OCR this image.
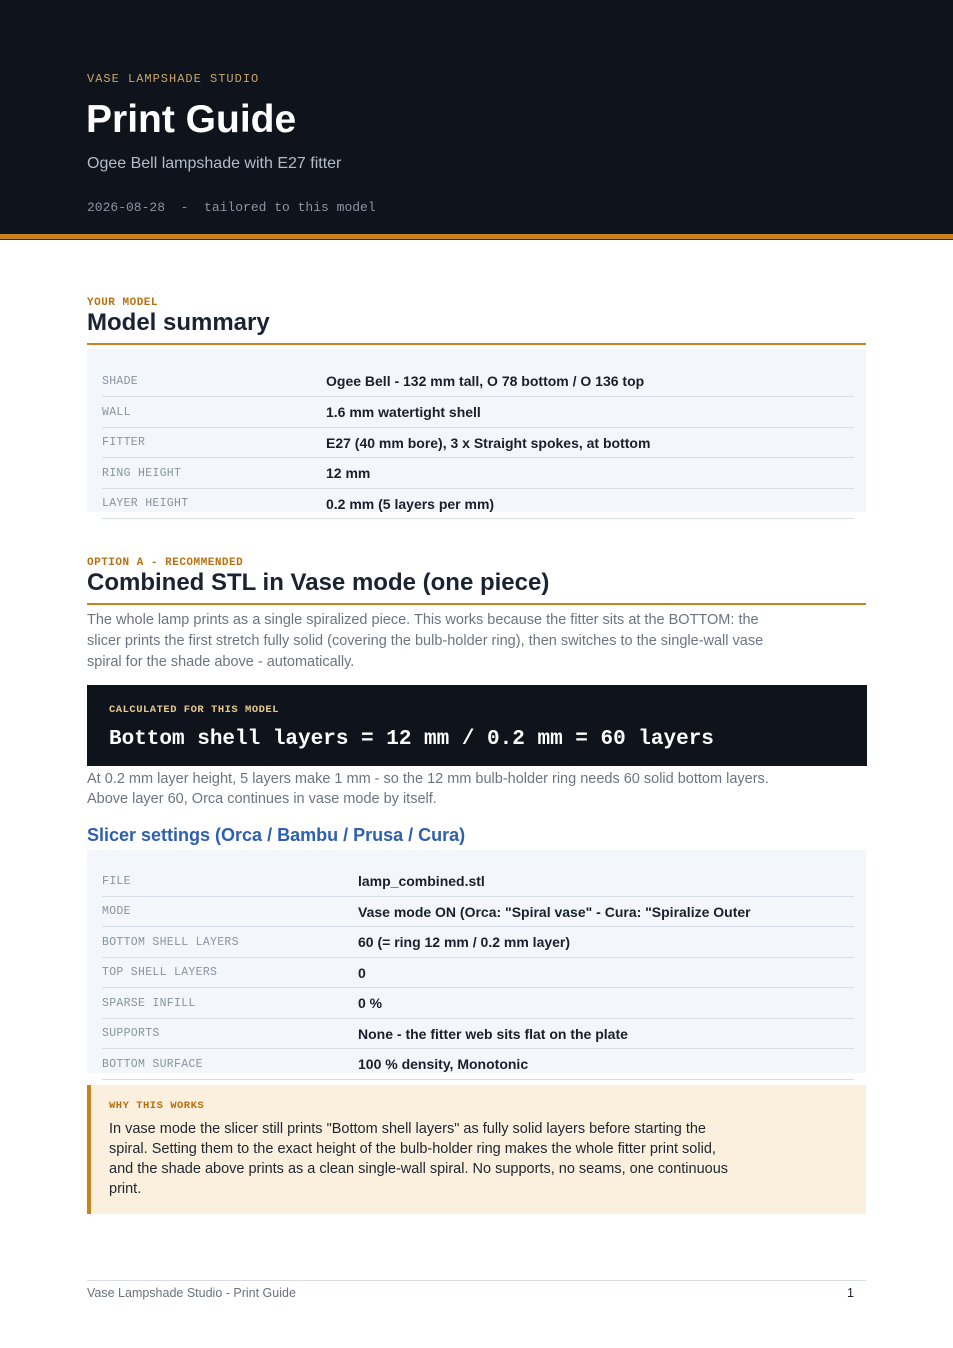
VASE LAMPSHADE STUDIO
Print Guide
Ogee Bell lampshade with E27 fitter
2026-08-28  -  tailored to this model
YOUR MODEL
Model summary
SHADE	Ogee Bell - 132 mm tall, O 78 bottom / O 136 top
WALL	1.6 mm watertight shell
FITTER	E27 (40 mm bore), 3 x Straight spokes, at bottom
RING HEIGHT	12 mm
LAYER HEIGHT	0.2 mm (5 layers per mm)
OPTION A - RECOMMENDED
Combined STL in Vase mode (one piece)
The whole lamp prints as a single spiralized piece. This works because the fitter sits at the BOTTOM: the slicer prints the first stretch fully solid (covering the bulb-holder ring), then switches to the single-wall vase spiral for the shade above - automatically.
CALCULATED FOR THIS MODEL
Bottom shell layers = 12 mm / 0.2 mm = 60 layers
At 0.2 mm layer height, 5 layers make 1 mm - so the 12 mm bulb-holder ring needs 60 solid bottom layers. Above layer 60, Orca continues in vase mode by itself.
Slicer settings (Orca / Bambu / Prusa / Cura)
FILE	lamp_combined.stl
MODE	Vase mode ON (Orca: "Spiral vase" - Cura: "Spiralize Outer
BOTTOM SHELL LAYERS	60 (= ring 12 mm / 0.2 mm layer)
TOP SHELL LAYERS	0
SPARSE INFILL	0 %
SUPPORTS	None - the fitter web sits flat on the plate
BOTTOM SURFACE	100 % density, Monotonic
WHY THIS WORKS
In vase mode the slicer still prints "Bottom shell layers" as fully solid layers before starting the spiral. Setting them to the exact height of the bulb-holder ring makes the whole fitter print solid, and the shade above prints as a clean single-wall spiral. No supports, no seams, one continuous print.
Vase Lampshade Studio - Print Guide	1
